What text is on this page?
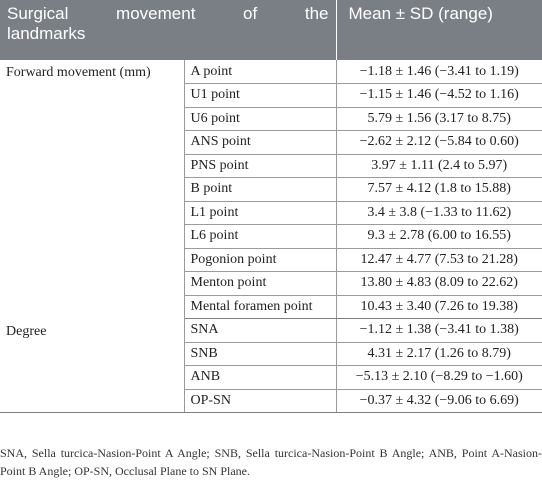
Surgical movement of the
landmarks		Mean ± SD (range)
Forward movement (mm)	A point	−1.18 ± 1.46 (−3.41 to 1.19)
	U1 point	−1.15 ± 1.46 (−4.52 to 1.16)
	U6 point	5.79 ± 1.56 (3.17 to 8.75)
	ANS point	−2.62 ± 2.12 (−5.84 to 0.60)
	PNS point	3.97 ± 1.11 (2.4 to 5.97)
	B point	7.57 ± 4.12 (1.8 to 15.88)
	L1 point	3.4 ± 3.8 (−1.33 to 11.62)
	L6 point	9.3 ± 2.78 (6.00 to 16.55)
	Pogonion point	12.47 ± 4.77 (7.53 to 21.28)
	Menton point	13.80 ± 4.83 (8.09 to 22.62)
	Mental foramen point	10.43 ± 3.40 (7.26 to 19.38)
Degree	SNA	−1.12 ± 1.38 (−3.41 to 1.38)
	SNB	4.31 ± 2.17 (1.26 to 8.79)
	ANB	−5.13 ± 2.10 (−8.29 to −1.60)
	OP-SN	−0.37 ± 4.32 (−9.06 to 6.69)
SNA, Sella turcica-Nasion-Point A Angle; SNB, Sella turcica-Nasion-Point B Angle; ANB, Point A-Nasion-Point B Angle; OP-SN, Occlusal Plane to SN Plane.
